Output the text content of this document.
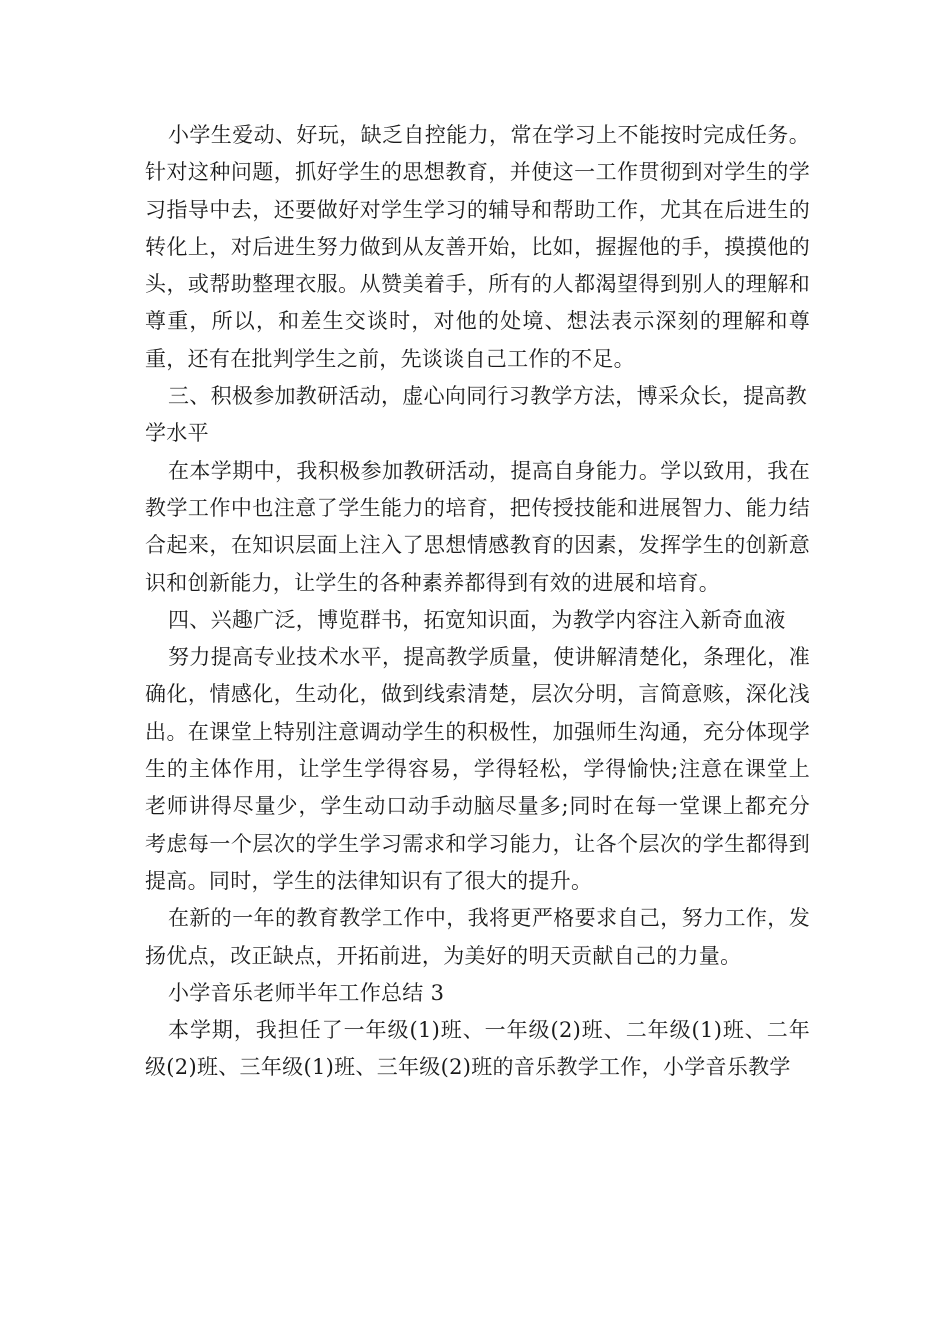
小学生爱动、好玩，缺乏自控能力，常在学习上不能按时完成任务。针对这种问题，抓好学生的思想教育，并使这一工作贯彻到对学生的学习指导中去，还要做好对学生学习的辅导和帮助工作，尤其在后进生的转化上，对后进生努力做到从友善开始，比如，握握他的手，摸摸他的头，或帮助整理衣服。从赞美着手，所有的人都渴望得到别人的理解和尊重，所以，和差生交谈时，对他的处境、想法表示深刻的理解和尊重，还有在批判学生之前，先谈谈自己工作的不足。

三、积极参加教研活动，虚心向同行习教学方法，博采众长，提高教学水平

在本学期中，我积极参加教研活动，提高自身能力。学以致用，我在教学工作中也注意了学生能力的培育，把传授技能和进展智力、能力结合起来，在知识层面上注入了思想情感教育的因素，发挥学生的创新意识和创新能力，让学生的各种素养都得到有效的进展和培育。

四、兴趣广泛，博览群书，拓宽知识面，为教学内容注入新奇血液

努力提高专业技术水平，提高教学质量，使讲解清楚化，条理化，准确化，情感化，生动化，做到线索清楚，层次分明，言简意赅，深化浅出。在课堂上特别注意调动学生的积极性，加强师生沟通，充分体现学生的主体作用，让学生学得容易，学得轻松，学得愉快;注意在课堂上老师讲得尽量少，学生动口动手动脑尽量多;同时在每一堂课上都充分考虑每一个层次的学生学习需求和学习能力，让各个层次的学生都得到提高。同时，学生的法律知识有了很大的提升。

在新的一年的教育教学工作中，我将更严格要求自己，努力工作，发扬优点，改正缺点，开拓前进，为美好的明天贡献自己的力量。

小学音乐老师半年工作总结 3

本学期，我担任了一年级(1)班、一年级(2)班、二年级(1)班、二年级(2)班、三年级(1)班、三年级(2)班的音乐教学工作，小学音乐教学
